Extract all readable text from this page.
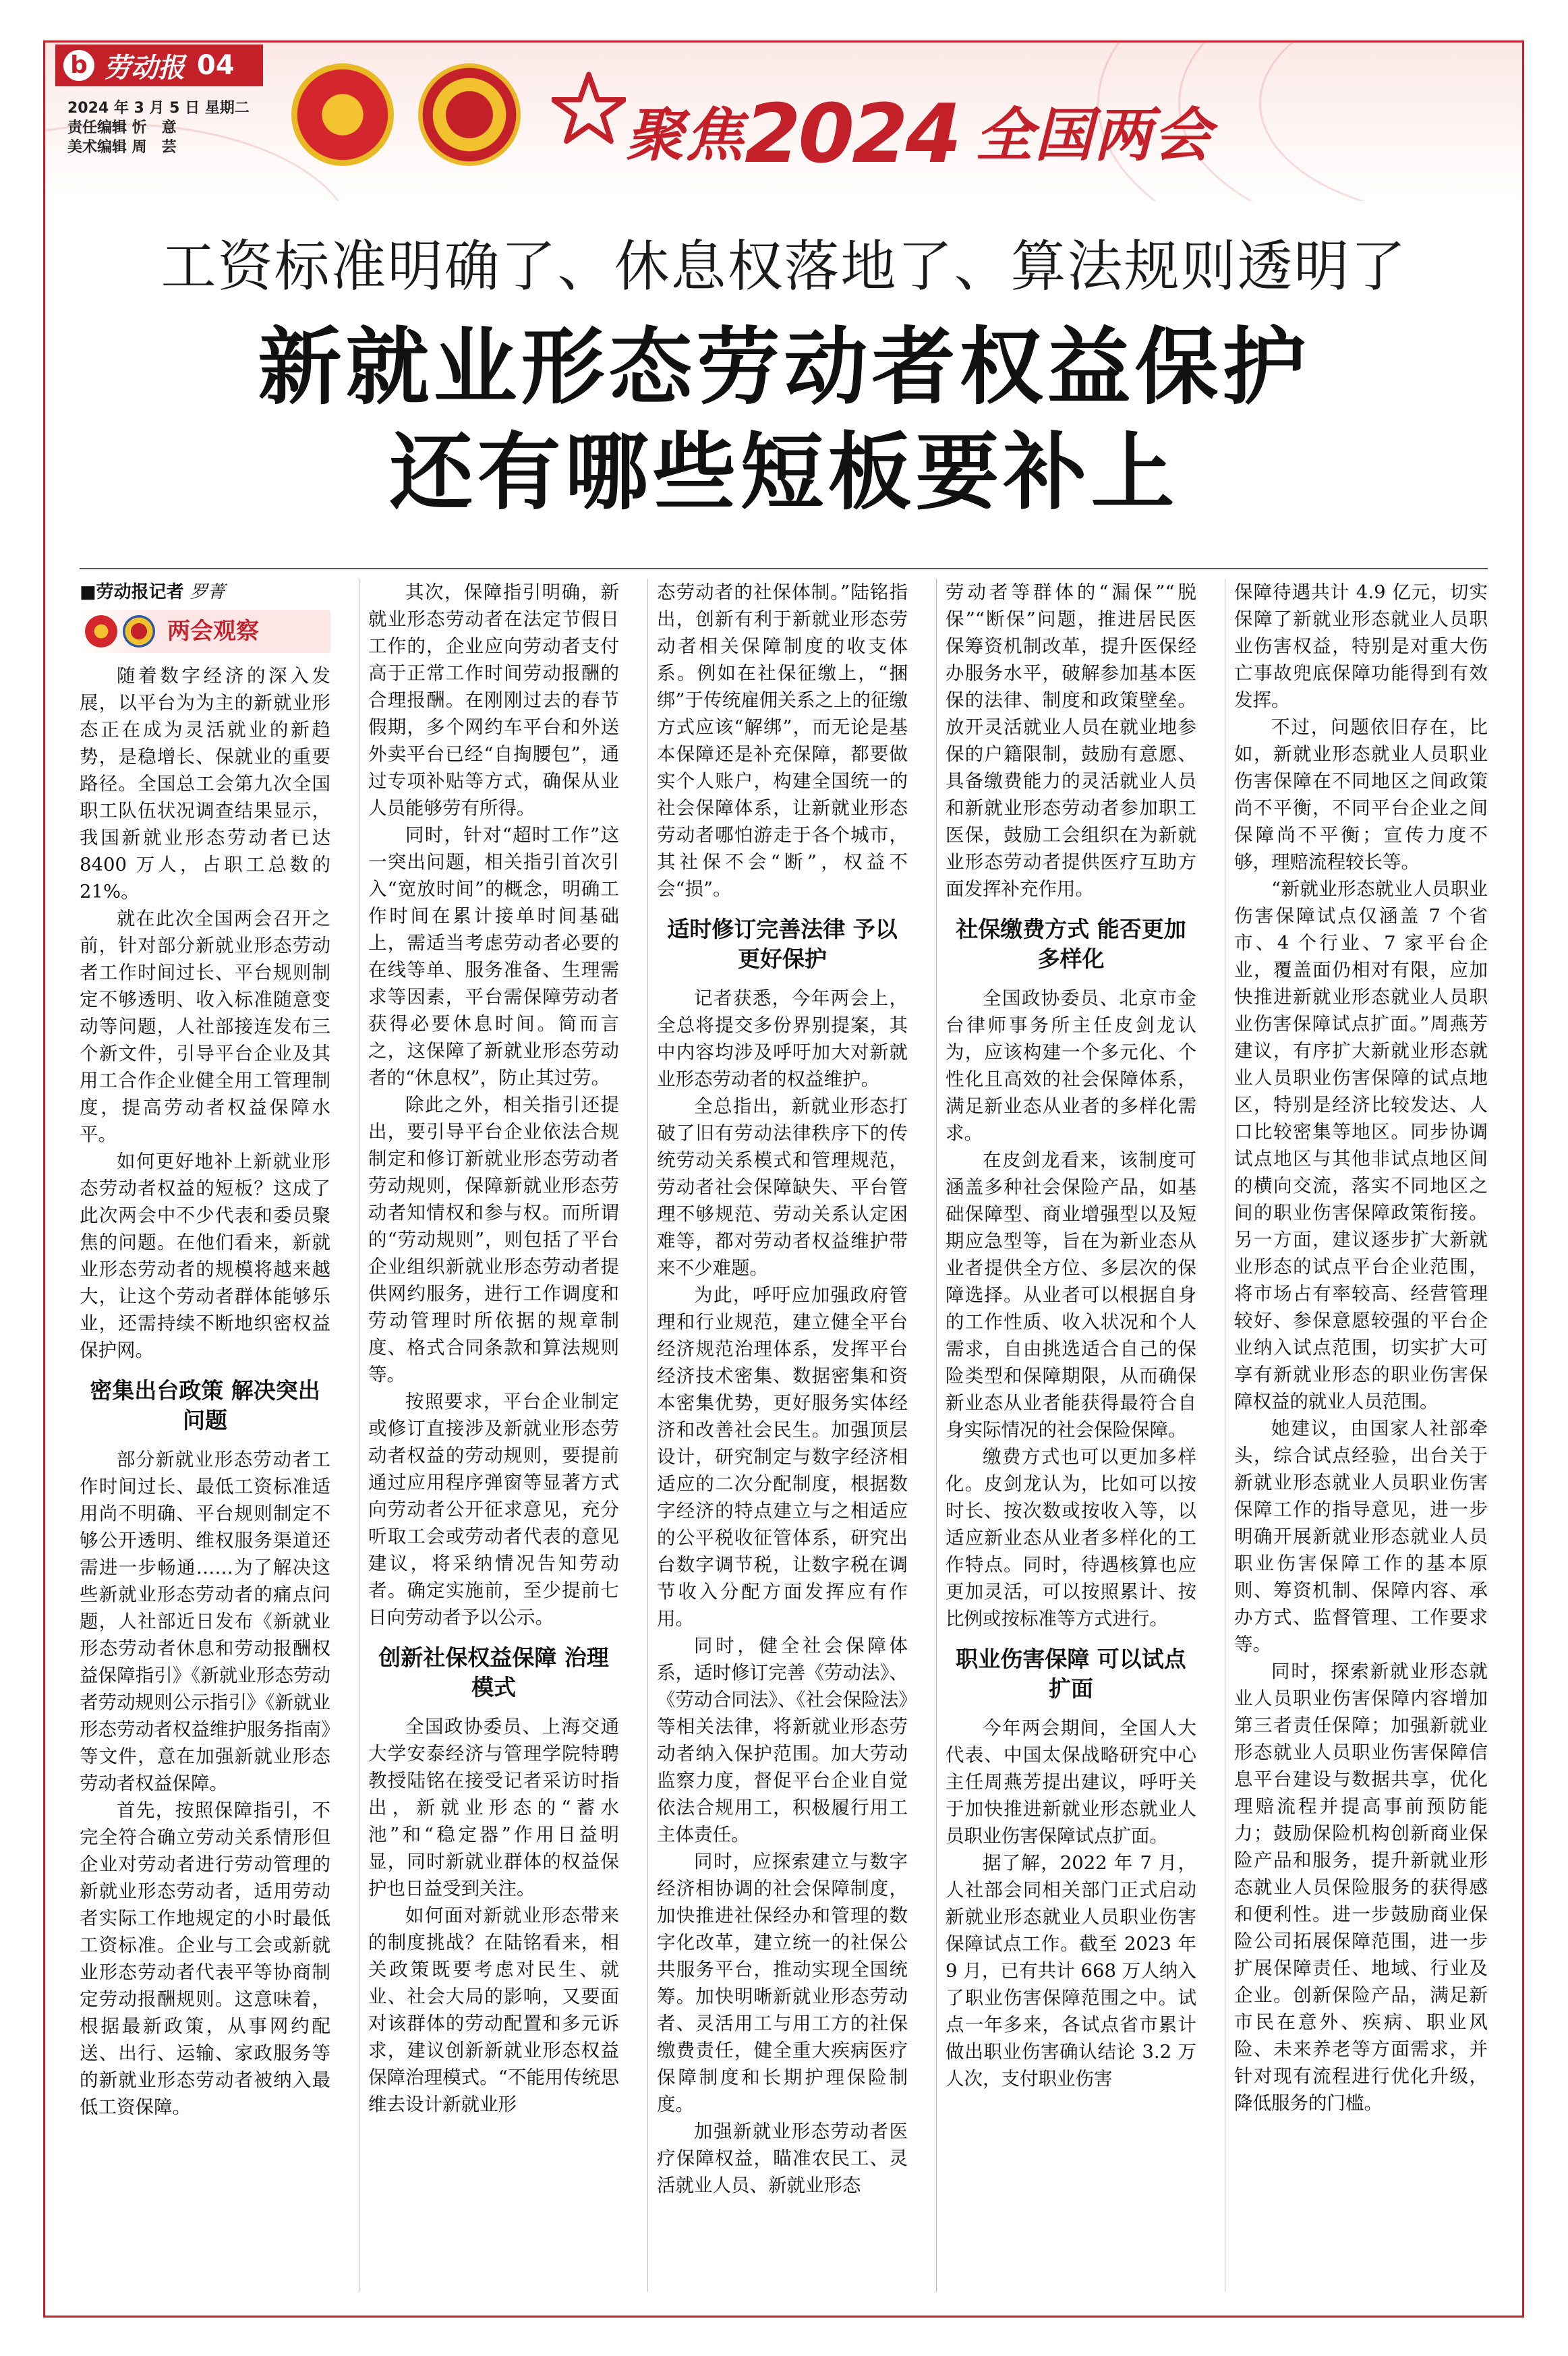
b 劳动报 04
2024 年 3 月 5 日 星期二
责任编辑 忻　意
美术编辑 周　芸	聚焦2024 全国两会
工资标准明确了、休息权落地了、算法规则透明了
新就业形态劳动者权益保护
还有哪些短板要补上
■劳动报记者 罗菁
两会观察

随着数字经济的深入发展，以平台为为主的新就业形态正在成为灵活就业的新趋势，是稳增长、保就业的重要路径。全国总工会第九次全国职工队伍状况调查结果显示，我国新就业形态劳动者已达 8400 万人，占职工总数的 21%。

就在此次全国两会召开之前，针对部分新就业形态劳动者工作时间过长、平台规则制定不够透明、收入标准随意变动等问题，人社部接连发布三个新文件，引导平台企业及其用工合作企业健全用工管理制度，提高劳动者权益保障水平。

如何更好地补上新就业形态劳动者权益的短板？这成了此次两会中不少代表和委员聚焦的问题。在他们看来，新就业形态劳动者的规模将越来越大，让这个劳动者群体能够乐业，还需持续不断地织密权益保护网。

密集出台政策 解决突出问题

部分新就业形态劳动者工作时间过长、最低工资标准适用尚不明确、平台规则制定不够公开透明、维权服务渠道还需进一步畅通……为了解决这些新就业形态劳动者的痛点问题，人社部近日发布《新就业形态劳动者休息和劳动报酬权益保障指引》《新就业形态劳动者劳动规则公示指引》《新就业形态劳动者权益维护服务指南》等文件，意在加强新就业形态劳动者权益保障。

首先，按照保障指引，不完全符合确立劳动关系情形但企业对劳动者进行劳动管理的新就业形态劳动者，适用劳动者实际工作地规定的小时最低工资标准。企业与工会或新就业形态劳动者代表平等协商制定劳动报酬规则。这意味着，根据最新政策，从事网约配送、出行、运输、家政服务等的新就业形态劳动者被纳入最低工资保障。

其次，保障指引明确，新就业形态劳动者在法定节假日工作的，企业应向劳动者支付高于正常工作时间劳动报酬的合理报酬。在刚刚过去的春节假期，多个网约车平台和外送外卖平台已经“自掏腰包”，通过专项补贴等方式，确保从业人员能够劳有所得。

同时，针对“超时工作”这一突出问题，相关指引首次引入“宽放时间”的概念，明确工作时间在累计接单时间基础上，需适当考虑劳动者必要的在线等单、服务准备、生理需求等因素，平台需保障劳动者获得必要休息时间。简而言之，这保障了新就业形态劳动者的“休息权”，防止其过劳。

除此之外，相关指引还提出，要引导平台企业依法合规制定和修订新就业形态劳动者劳动规则，保障新就业形态劳动者知情权和参与权。而所谓的“劳动规则”，则包括了平台企业组织新就业形态劳动者提供网约服务，进行工作调度和劳动管理时所依据的规章制度、格式合同条款和算法规则等。

按照要求，平台企业制定或修订直接涉及新就业形态劳动者权益的劳动规则，要提前通过应用程序弹窗等显著方式向劳动者公开征求意见，充分听取工会或劳动者代表的意见建议，将采纳情况告知劳动者。确定实施前，至少提前七日向劳动者予以公示。

创新社保权益保障 治理模式

全国政协委员、上海交通大学安泰经济与管理学院特聘教授陆铭在接受记者采访时指出，新就业形态的“蓄水池”和“稳定器”作用日益明显，同时新就业群体的权益保护也日益受到关注。

如何面对新就业形态带来的制度挑战？在陆铭看来，相关政策既要考虑对民生、就业、社会大局的影响，又要面对该群体的劳动配置和多元诉求，建议创新新就业形态权益保障治理模式。“不能用传统思维去设计新就业形

态劳动者的社保体制。”陆铭指出，创新有利于新就业形态劳动者相关保障制度的收支体系。例如在社保征缴上，“捆绑”于传统雇佣关系之上的征缴方式应该“解绑”，而无论是基本保障还是补充保障，都要做实个人账户，构建全国统一的社会保障体系，让新就业形态劳动者哪怕游走于各个城市，其社保不会“断”，权益不会“损”。

适时修订完善法律 予以更好保护

记者获悉，今年两会上，全总将提交多份界别提案，其中内容均涉及呼吁加大对新就业形态劳动者的权益维护。

全总指出，新就业形态打破了旧有劳动法律秩序下的传统劳动关系模式和管理规范，劳动者社会保障缺失、平台管理不够规范、劳动关系认定困难等，都对劳动者权益维护带来不少难题。

为此，呼吁应加强政府管理和行业规范，建立健全平台经济规范治理体系，发挥平台经济技术密集、数据密集和资本密集优势，更好服务实体经济和改善社会民生。加强顶层设计，研究制定与数字经济相适应的二次分配制度，根据数字经济的特点建立与之相适应的公平税收征管体系，研究出台数字调节税，让数字税在调节收入分配方面发挥应有作用。

同时，健全社会保障体系，适时修订完善《劳动法》、《劳动合同法》、《社会保险法》等相关法律，将新就业形态劳动者纳入保护范围。加大劳动监察力度，督促平台企业自觉依法合规用工，积极履行用工主体责任。

同时，应探索建立与数字经济相协调的社会保障制度，加快推进社保经办和管理的数字化改革，建立统一的社保公共服务平台，推动实现全国统筹。加快明晰新就业形态劳动者、灵活用工与用工方的社保缴费责任，健全重大疾病医疗保障制度和长期护理保险制度。

加强新就业形态劳动者医疗保障权益，瞄准农民工、灵活就业人员、新就业形态

劳动者等群体的“漏保”“脱保”“断保”问题，推进居民医保筹资机制改革，提升医保经办服务水平，破解参加基本医保的法律、制度和政策壁垒。放开灵活就业人员在就业地参保的户籍限制，鼓励有意愿、具备缴费能力的灵活就业人员和新就业形态劳动者参加职工医保，鼓励工会组织在为新就业形态劳动者提供医疗互助方面发挥补充作用。

社保缴费方式 能否更加多样化

全国政协委员、北京市金台律师事务所主任皮剑龙认为，应该构建一个多元化、个性化且高效的社会保障体系，满足新业态从业者的多样化需求。

在皮剑龙看来，该制度可涵盖多种社会保险产品，如基础保障型、商业增强型以及短期应急型等，旨在为新业态从业者提供全方位、多层次的保障选择。从业者可以根据自身的工作性质、收入状况和个人需求，自由挑选适合自己的保险类型和保障期限，从而确保新业态从业者能获得最符合自身实际情况的社会保险保障。

缴费方式也可以更加多样化。皮剑龙认为，比如可以按时长、按次数或按收入等，以适应新业态从业者多样化的工作特点。同时，待遇核算也应更加灵活，可以按照累计、按比例或按标准等方式进行。

职业伤害保障 可以试点扩面

今年两会期间，全国人大代表、中国太保战略研究中心主任周燕芳提出建议，呼吁关于加快推进新就业形态就业人员职业伤害保障试点扩面。

据了解，2022 年 7 月，人社部会同相关部门正式启动新就业形态就业人员职业伤害保障试点工作。截至 2023 年 9 月，已有共计 668 万人纳入了职业伤害保障范围之中。试点一年多来，各试点省市累计做出职业伤害确认结论 3.2 万人次，支付职业伤害

保障待遇共计 4.9 亿元，切实保障了新就业形态就业人员职业伤害权益，特别是对重大伤亡事故兜底保障功能得到有效发挥。

不过，问题依旧存在，比如，新就业形态就业人员职业伤害保障在不同地区之间政策尚不平衡，不同平台企业之间保障尚不平衡；宣传力度不够，理赔流程较长等。

“新就业形态就业人员职业伤害保障试点仅涵盖 7 个省市、4 个行业、7 家平台企业，覆盖面仍相对有限，应加快推进新就业形态就业人员职业伤害保障试点扩面。”周燕芳建议，有序扩大新就业形态就业人员职业伤害保障的试点地区，特别是经济比较发达、人口比较密集等地区。同步协调试点地区与其他非试点地区间的横向交流，落实不同地区之间的职业伤害保障政策衔接。另一方面，建议逐步扩大新就业形态的试点平台企业范围，将市场占有率较高、经营管理较好、参保意愿较强的平台企业纳入试点范围，切实扩大可享有新就业形态的职业伤害保障权益的就业人员范围。

她建议，由国家人社部牵头，综合试点经验，出台关于新就业形态就业人员职业伤害保障工作的指导意见，进一步明确开展新就业形态就业人员职业伤害保障工作的基本原则、筹资机制、保障内容、承办方式、监督管理、工作要求等。

同时，探索新就业形态就业人员职业伤害保障内容增加第三者责任保障；加强新就业形态就业人员职业伤害保障信息平台建设与数据共享，优化理赔流程并提高事前预防能力；鼓励保险机构创新商业保险产品和服务，提升新就业形态就业人员保险服务的获得感和便利性。进一步鼓励商业保险公司拓展保障范围，进一步扩展保障责任、地域、行业及企业。创新保险产品，满足新市民在意外、疾病、职业风险、未来养老等方面需求，并针对现有流程进行优化升级，降低服务的门槛。
